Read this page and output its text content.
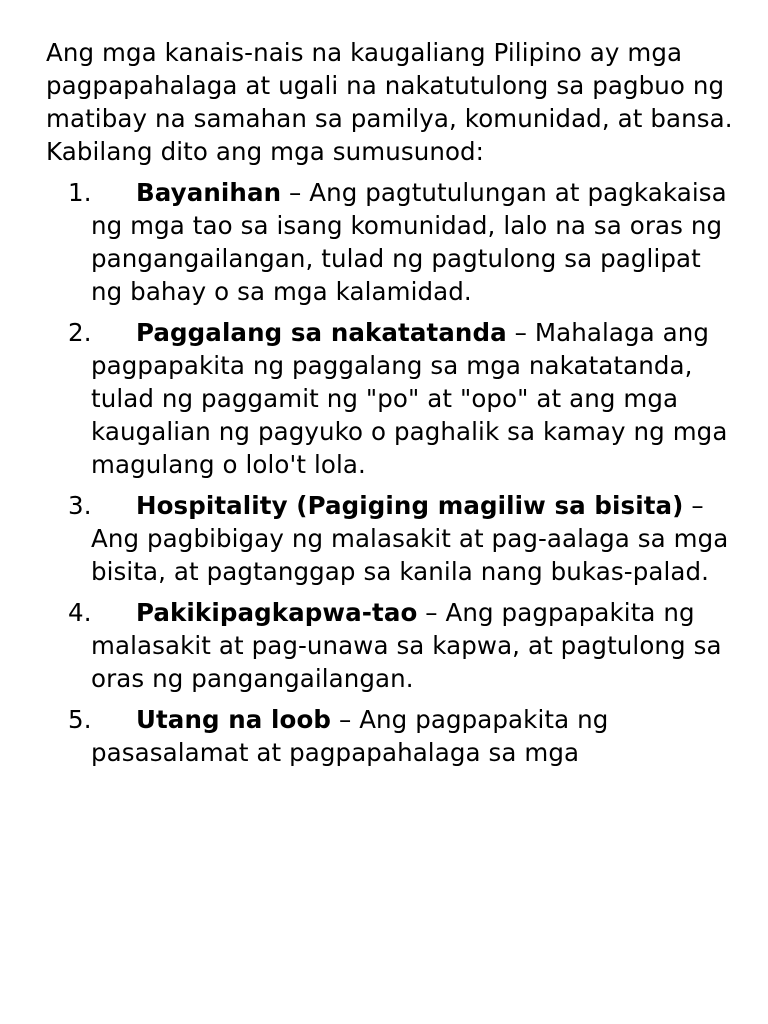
Ang mga kanais-nais na kaugaliang Pilipino ay mga pagpapahalaga at ugali na nakatutulong sa pagbuo ng matibay na samahan sa pamilya, komunidad, at bansa. Kabilang dito ang mga sumusunod:

1.	Bayanihan – Ang pagtutulungan at pagkakaisa ng mga tao sa isang komunidad, lalo na sa oras ng pangangailangan, tulad ng pagtulong sa paglipat ng bahay o sa mga kalamidad.
2.	Paggalang sa nakatatanda – Mahalaga ang pagpapakita ng paggalang sa mga nakatatanda, tulad ng paggamit ng "po" at "opo" at ang mga kaugalian ng pagyuko o paghalik sa kamay ng mga magulang o lolo't lola.
3.	Hospitality (Pagiging magiliw sa bisita) – Ang pagbibigay ng malasakit at pag-aalaga sa mga bisita, at pagtanggap sa kanila nang bukas-palad.
4.	Pakikipagkapwa-tao – Ang pagpapakita ng malasakit at pag-unawa sa kapwa, at pagtulong sa oras ng pangangailangan.
5.	Utang na loob – Ang pagpapakita ng pasasalamat at pagpapahalaga sa mga
